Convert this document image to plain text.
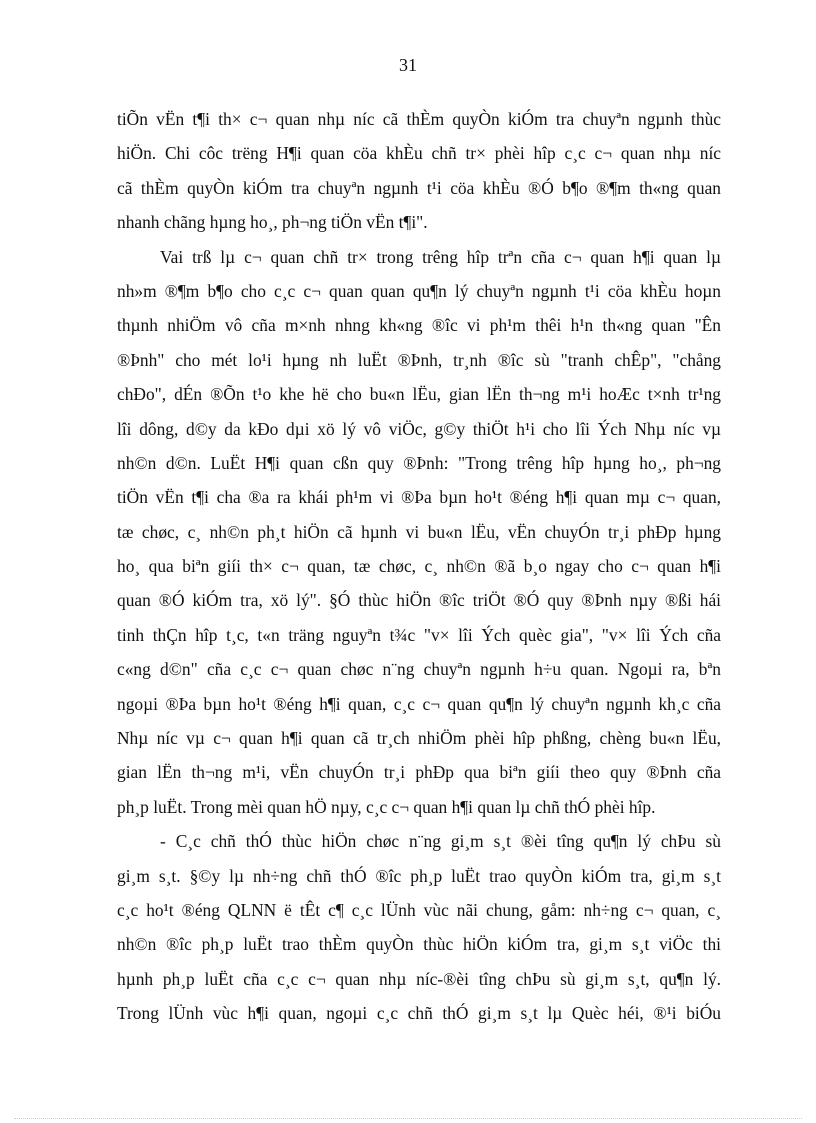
31
tiÕn vËn t¶i th× c¬ quan nhµ níc cã thÈm quyÒn kiÓm tra chuyªn ngµnh thùc
hiÖn. Chi côc trëng H¶i quan cöa khÈu chñ tr× phèi hîp c¸c c¬ quan nhµ níc
cã thÈm quyÒn kiÓm tra chuyªn ngµnh t¹i cöa khÈu ®Ó b¶o ®¶m th«ng quan
nhanh chãng hµng ho¸, ph¬ng tiÖn vËn t¶i".
Vai trß lµ c¬ quan chñ tr× trong trêng hîp trªn cña c¬ quan h¶i quan lµ
nh»m ®¶m b¶o cho c¸c c¬ quan quan qu¶n lý chuyªn ngµnh t¹i cöa khÈu hoµn
thµnh nhiÖm vô cña m×nh nhng kh«ng ®îc vi ph¹m thêi h¹n th«ng quan "Ên
®Þnh" cho mét lo¹i hµng nh luËt ®Þnh, tr¸nh ®îc sù "tranh chÊp", "chång
chÐo", dÉn ®Õn t¹o khe hë cho bu«n lËu, gian lËn th¬ng m¹i hoÆc t×nh tr¹ng
lîi dông, d©y da kÐo dµi xö lý vô viÖc, g©y thiÖt h¹i cho lîi Ých Nhµ níc vµ
nh©n d©n. LuËt H¶i quan cßn quy ®Þnh: "Trong trêng hîp hµng ho¸, ph¬ng
tiÖn vËn t¶i cha ®a ra khái ph¹m vi ®Þa bµn ho¹t ®éng h¶i quan mµ c¬ quan,
tæ chøc, c¸ nh©n ph¸t hiÖn cã hµnh vi bu«n lËu, vËn chuyÓn tr¸i phÐp hµng
ho¸ qua biªn giíi th× c¬ quan, tæ chøc, c¸ nh©n ®ã b¸o ngay cho c¬ quan h¶i
quan ®Ó kiÓm tra, xö lý". §Ó thùc hiÖn ®îc triÖt ®Ó quy ®Þnh nµy ®ßi hái
tinh thÇn hîp t¸c, t«n träng nguyªn t¾c "v× lîi Ých quèc gia", "v× lîi Ých cña
c«ng d©n" cña c¸c c¬ quan chøc n¨ng chuyªn ngµnh h÷u quan. Ngoµi ra, bªn
ngoµi ®Þa bµn ho¹t ®éng h¶i quan, c¸c c¬ quan qu¶n lý chuyªn ngµnh kh¸c cña
Nhµ níc vµ c¬ quan h¶i quan cã tr¸ch nhiÖm phèi hîp phßng, chèng bu«n lËu,
gian lËn th¬ng m¹i, vËn chuyÓn tr¸i phÐp qua biªn giíi theo quy ®Þnh cña
ph¸p luËt. Trong mèi quan hÖ nµy, c¸c c¬ quan h¶i quan lµ chñ thÓ phèi hîp.
- C¸c chñ thÓ thùc hiÖn chøc n¨ng gi¸m s¸t ®èi tîng qu¶n lý chÞu sù
gi¸m s¸t. §©y lµ nh÷ng chñ thÓ ®îc ph¸p luËt trao quyÒn kiÓm tra, gi¸m s¸t
c¸c ho¹t ®éng QLNN ë tÊt c¶ c¸c lÜnh vùc nãi chung, gåm: nh÷ng c¬ quan, c¸
nh©n ®îc ph¸p luËt trao thÈm quyÒn thùc hiÖn kiÓm tra, gi¸m s¸t viÖc thi
hµnh ph¸p luËt cña c¸c c¬ quan nhµ níc-®èi tîng chÞu sù gi¸m s¸t, qu¶n lý.
Trong lÜnh vùc h¶i quan, ngoµi c¸c chñ thÓ gi¸m s¸t lµ Quèc héi, ®¹i biÓu
